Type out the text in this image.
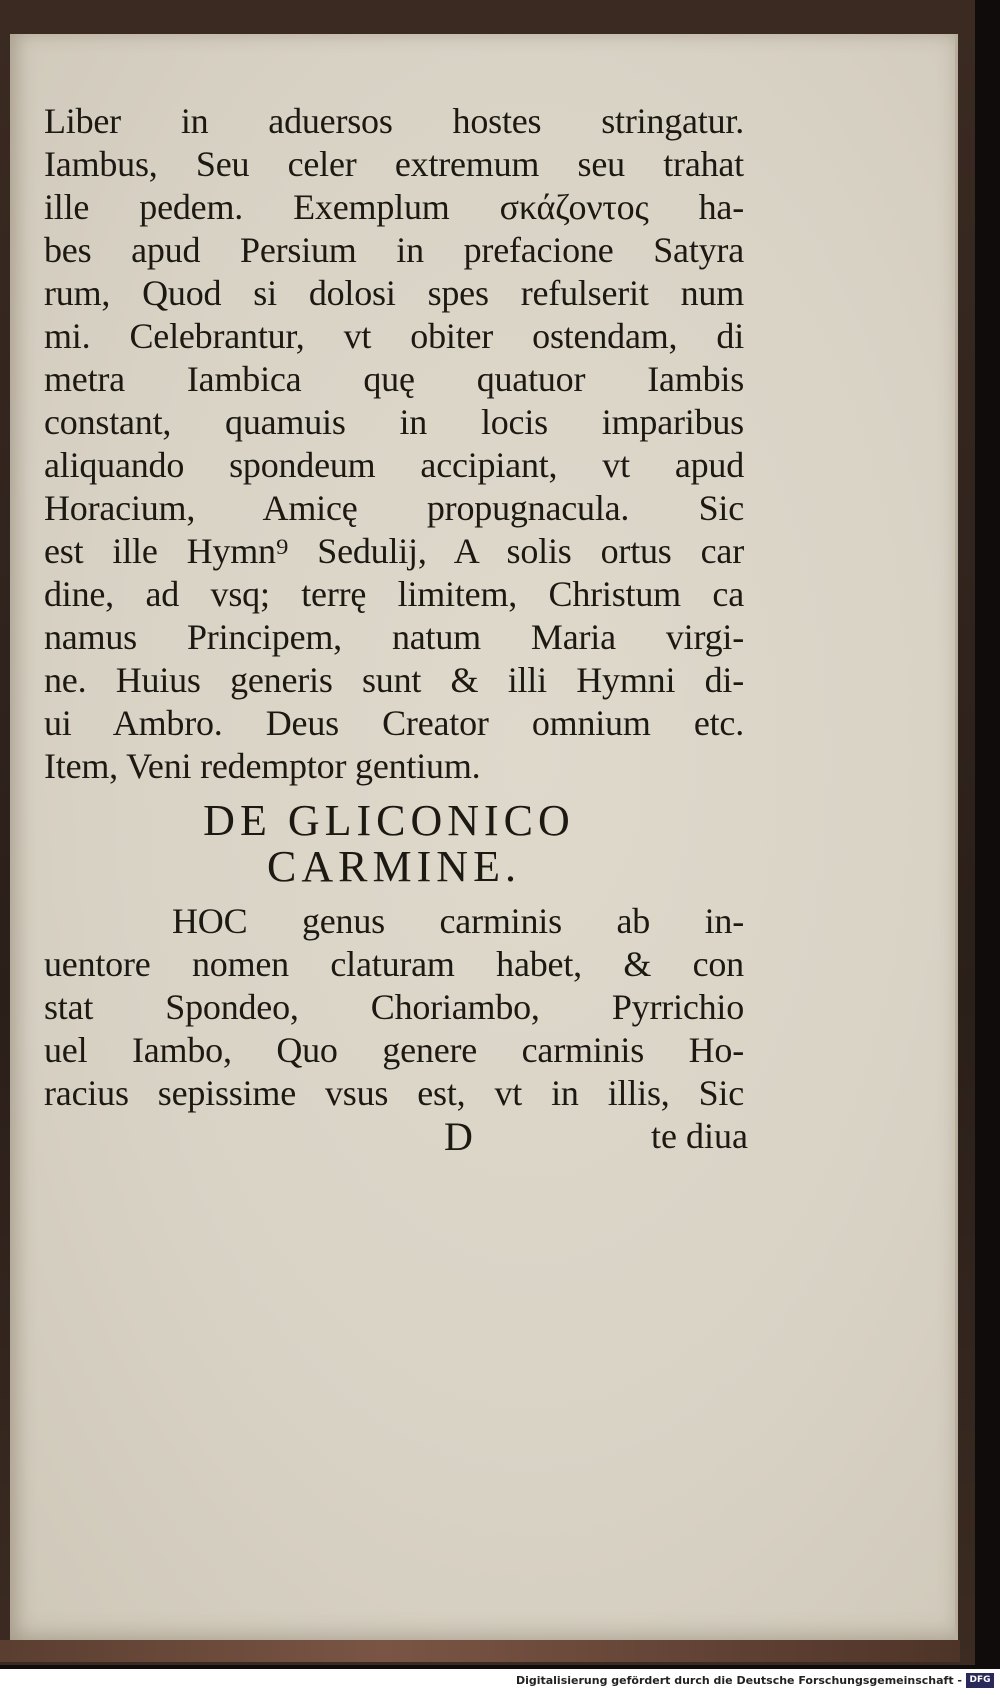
Liber in aduersos hostes stringatur.
Iambus, Seu celer extremum seu trahat
ille pedem. Exemplum σκάζοντος ha-
bes apud Persium in prefacione Satyra
rum, Quod si dolosi spes refulserit num
mi. Celebrantur, vt obiter ostendam, di
metra Iambica quę quatuor Iambis
constant, quamuis in locis imparibus
aliquando spondeum accipiant, vt apud
Horacium, Amicę propugnacula. Sic
est ille Hymn⁹ Sedulij, A solis ortus car
dine, ad vsq; terrę limitem, Christum ca
namus Principem, natum Maria virgi-
ne. Huius generis sunt & illi Hymni di-
ui Ambro. Deus Creator omnium etc.
Item, Veni redemptor gentium.
DE GLICONICO
CARMINE.
HOC genus carminis ab in-
uentore nomen claturam habet, & con
stat Spondeo, Choriambo, Pyrrichio
uel Iambo, Quo genere carminis Ho-
racius sepissime vsus est, vt in illis, Sic
D	te diua
Digitalisierung gefördert durch die Deutsche Forschungsgemeinschaft - DFG
